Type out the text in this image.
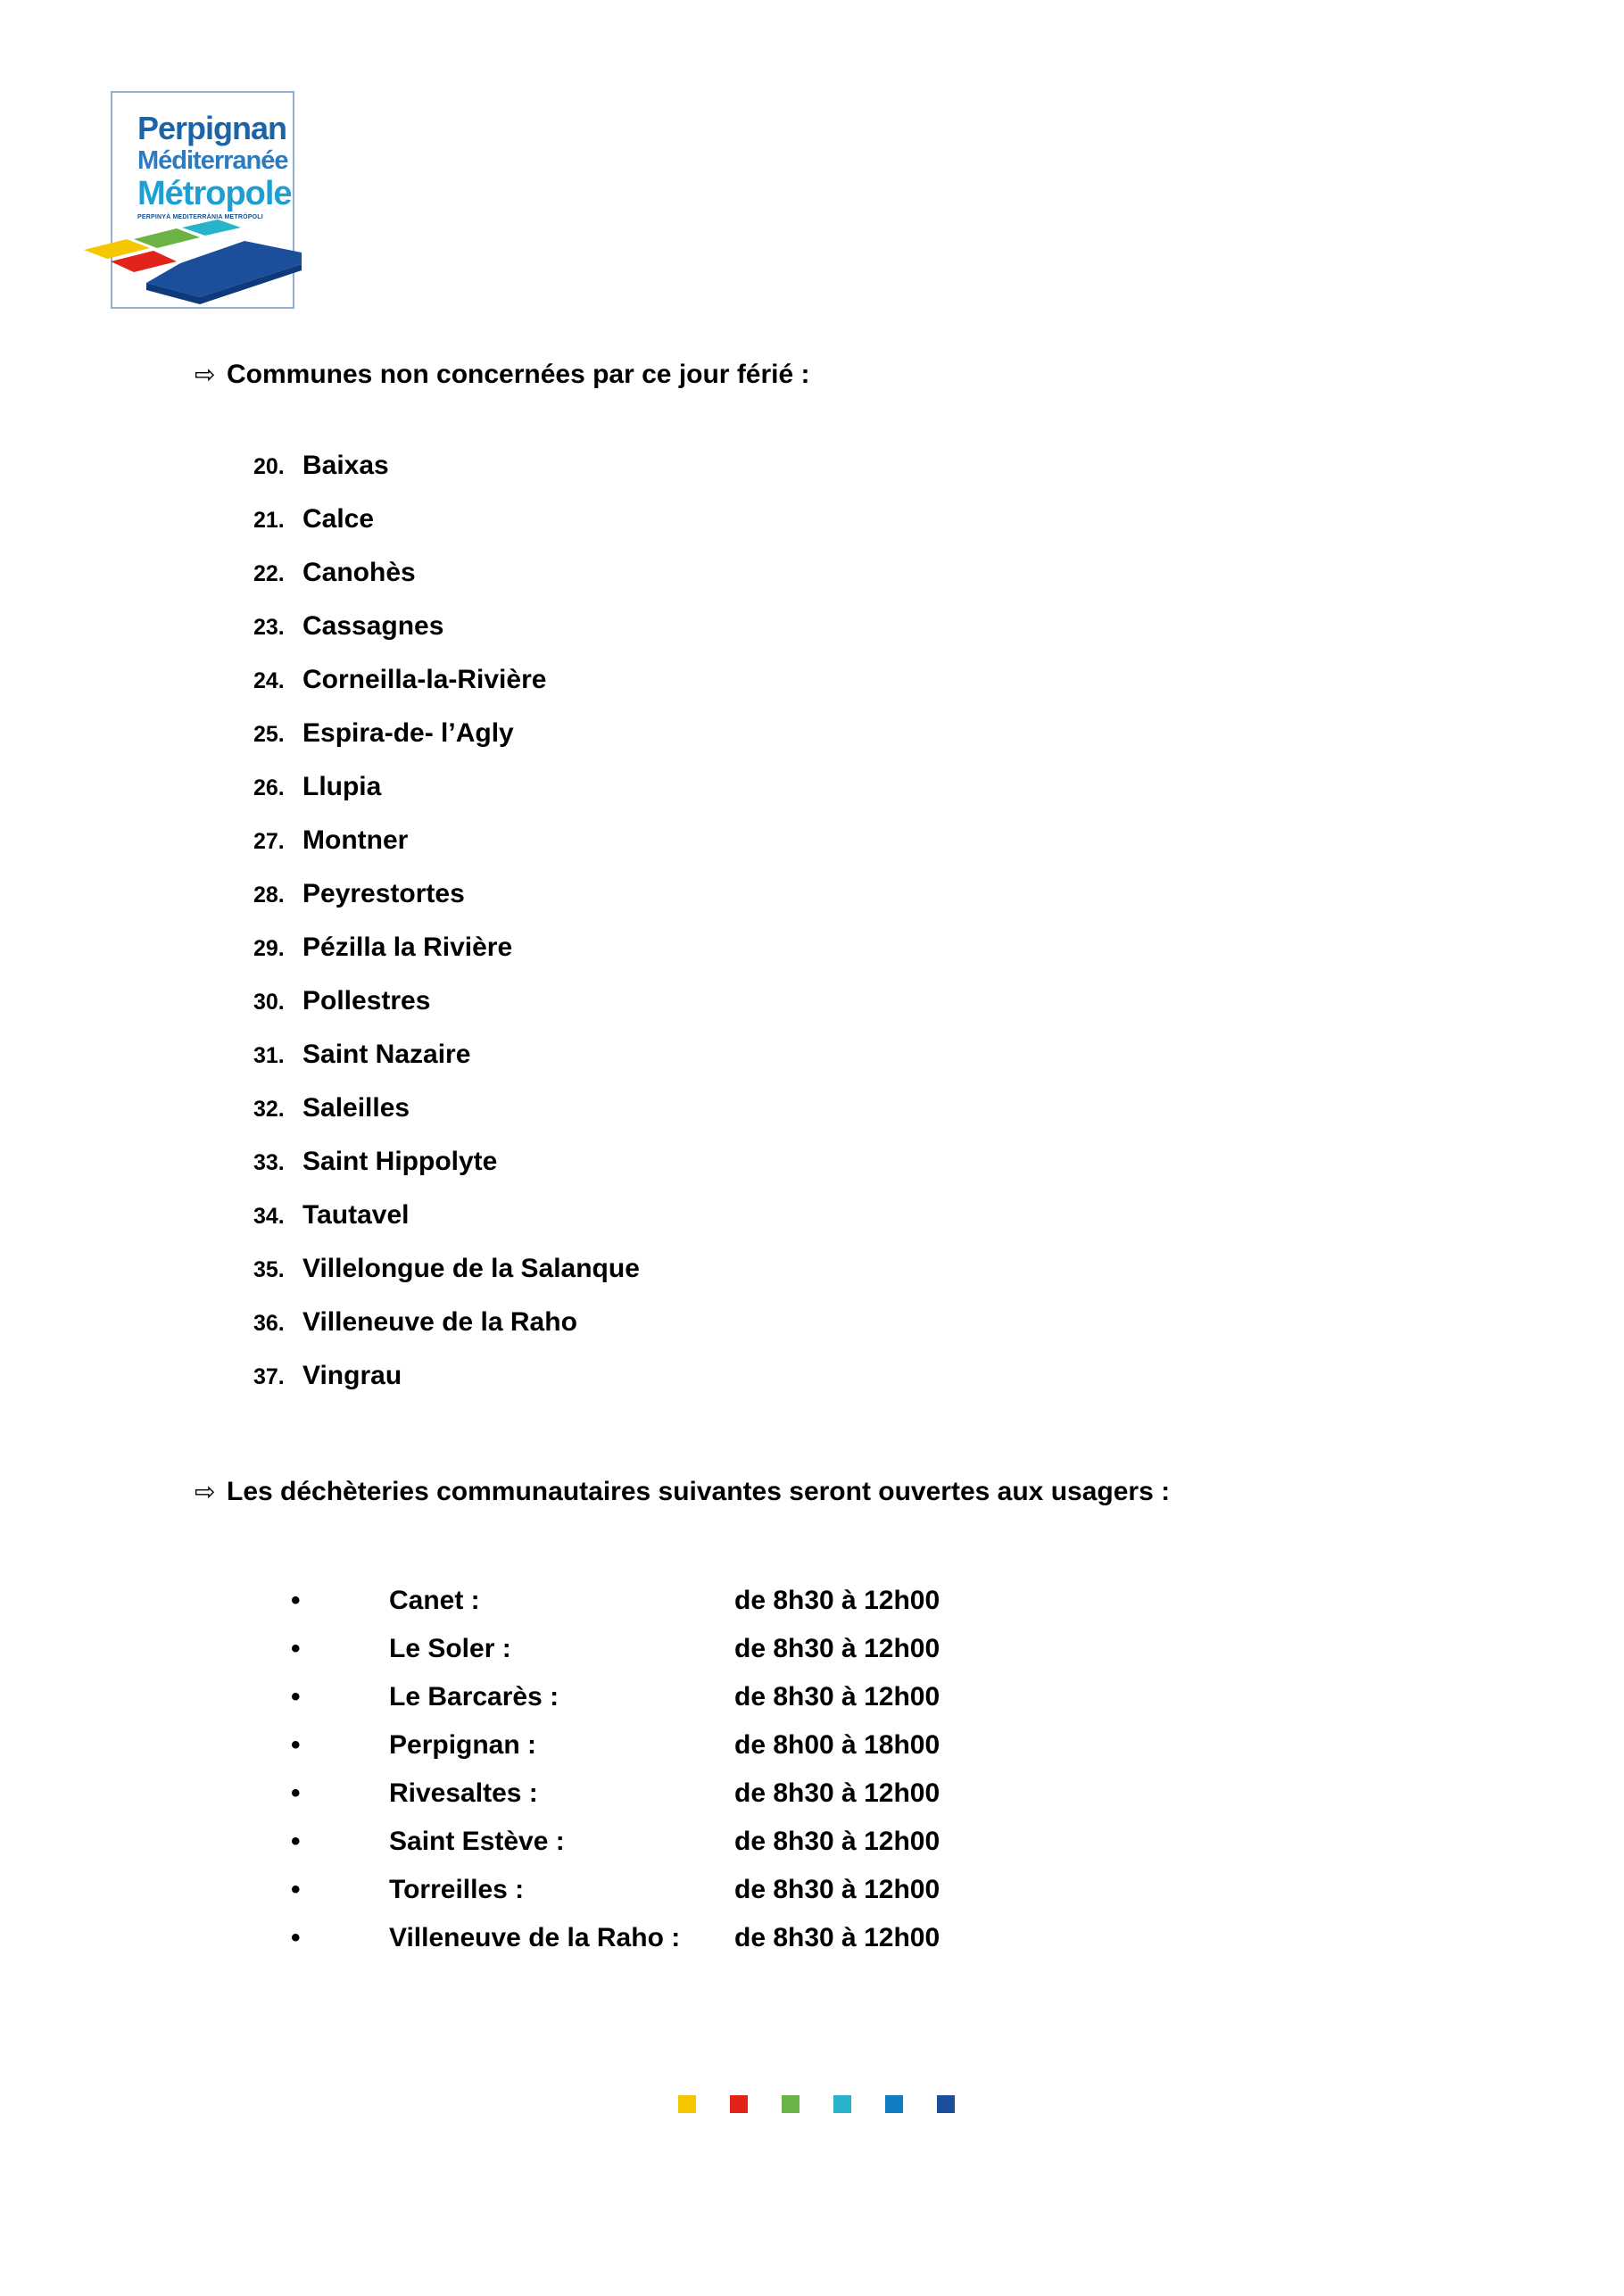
Perpignan
Méditerranée
Métropole
PERPINYÀ MEDITERRÀNIA METRÒPOLI
⇨ Communes non concernées par ce jour férié :
20. Baixas
21. Calce
22. Canohès
23. Cassagnes
24. Corneilla-la-Rivière
25. Espira-de- l’Agly
26. Llupia
27. Montner
28. Peyrestortes
29. Pézilla la Rivière
30. Pollestres
31. Saint Nazaire
32. Saleilles
33. Saint Hippolyte
34. Tautavel
35. Villelongue de la Salanque
36. Villeneuve de la Raho
37. Vingrau
⇨ Les déchèteries communautaires suivantes seront ouvertes aux usagers :
•	Canet :	de 8h30 à 12h00
•	Le Soler :	de 8h30 à 12h00
•	Le Barcarès :	de 8h30 à 12h00
•	Perpignan :	de 8h00 à 18h00
•	Rivesaltes :	de 8h30 à 12h00
•	Saint Estève :	de 8h30 à 12h00
•	Torreilles :	de 8h30 à 12h00
•	Villeneuve de la Raho : de 8h30 à 12h00
